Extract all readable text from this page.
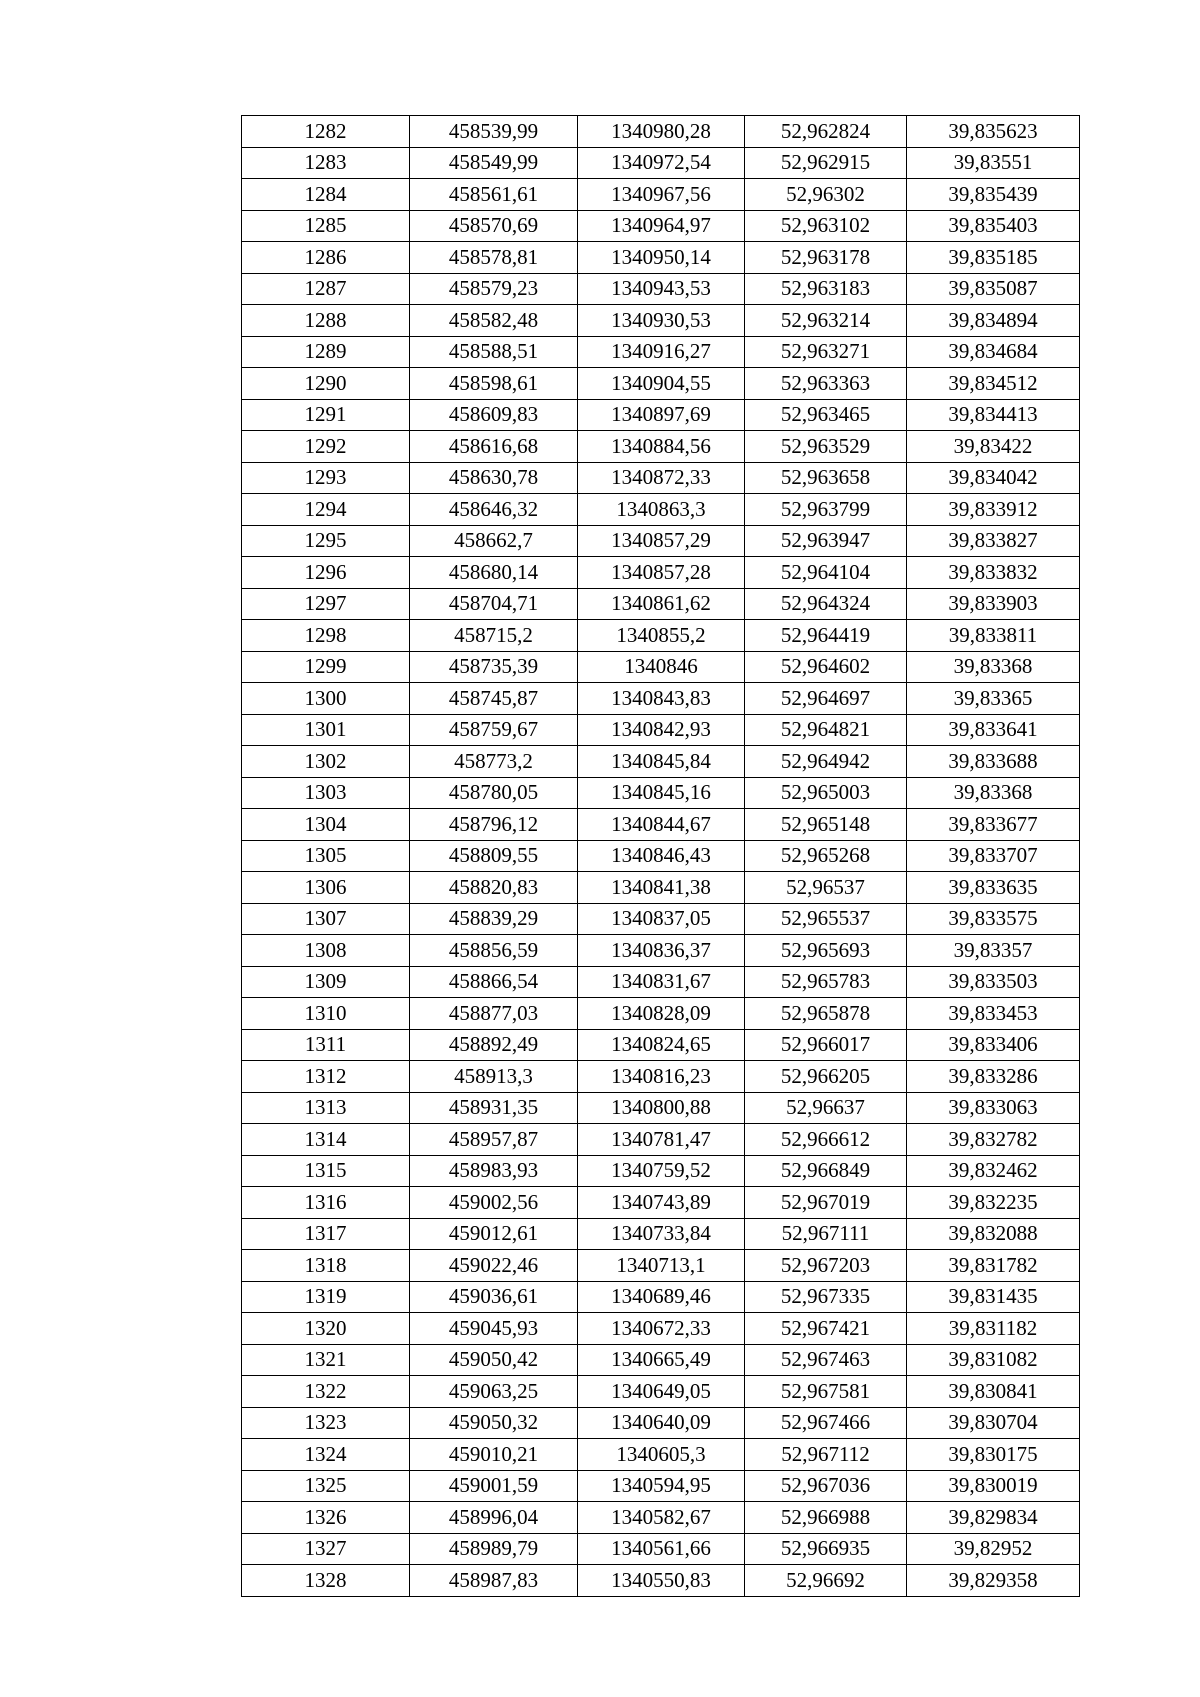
1282	458539,99	1340980,28	52,962824	39,835623
1283	458549,99	1340972,54	52,962915	39,83551
1284	458561,61	1340967,56	52,96302	39,835439
1285	458570,69	1340964,97	52,963102	39,835403
1286	458578,81	1340950,14	52,963178	39,835185
1287	458579,23	1340943,53	52,963183	39,835087
1288	458582,48	1340930,53	52,963214	39,834894
1289	458588,51	1340916,27	52,963271	39,834684
1290	458598,61	1340904,55	52,963363	39,834512
1291	458609,83	1340897,69	52,963465	39,834413
1292	458616,68	1340884,56	52,963529	39,83422
1293	458630,78	1340872,33	52,963658	39,834042
1294	458646,32	1340863,3	52,963799	39,833912
1295	458662,7	1340857,29	52,963947	39,833827
1296	458680,14	1340857,28	52,964104	39,833832
1297	458704,71	1340861,62	52,964324	39,833903
1298	458715,2	1340855,2	52,964419	39,833811
1299	458735,39	1340846	52,964602	39,83368
1300	458745,87	1340843,83	52,964697	39,83365
1301	458759,67	1340842,93	52,964821	39,833641
1302	458773,2	1340845,84	52,964942	39,833688
1303	458780,05	1340845,16	52,965003	39,83368
1304	458796,12	1340844,67	52,965148	39,833677
1305	458809,55	1340846,43	52,965268	39,833707
1306	458820,83	1340841,38	52,96537	39,833635
1307	458839,29	1340837,05	52,965537	39,833575
1308	458856,59	1340836,37	52,965693	39,83357
1309	458866,54	1340831,67	52,965783	39,833503
1310	458877,03	1340828,09	52,965878	39,833453
1311	458892,49	1340824,65	52,966017	39,833406
1312	458913,3	1340816,23	52,966205	39,833286
1313	458931,35	1340800,88	52,96637	39,833063
1314	458957,87	1340781,47	52,966612	39,832782
1315	458983,93	1340759,52	52,966849	39,832462
1316	459002,56	1340743,89	52,967019	39,832235
1317	459012,61	1340733,84	52,967111	39,832088
1318	459022,46	1340713,1	52,967203	39,831782
1319	459036,61	1340689,46	52,967335	39,831435
1320	459045,93	1340672,33	52,967421	39,831182
1321	459050,42	1340665,49	52,967463	39,831082
1322	459063,25	1340649,05	52,967581	39,830841
1323	459050,32	1340640,09	52,967466	39,830704
1324	459010,21	1340605,3	52,967112	39,830175
1325	459001,59	1340594,95	52,967036	39,830019
1326	458996,04	1340582,67	52,966988	39,829834
1327	458989,79	1340561,66	52,966935	39,82952
1328	458987,83	1340550,83	52,96692	39,829358
